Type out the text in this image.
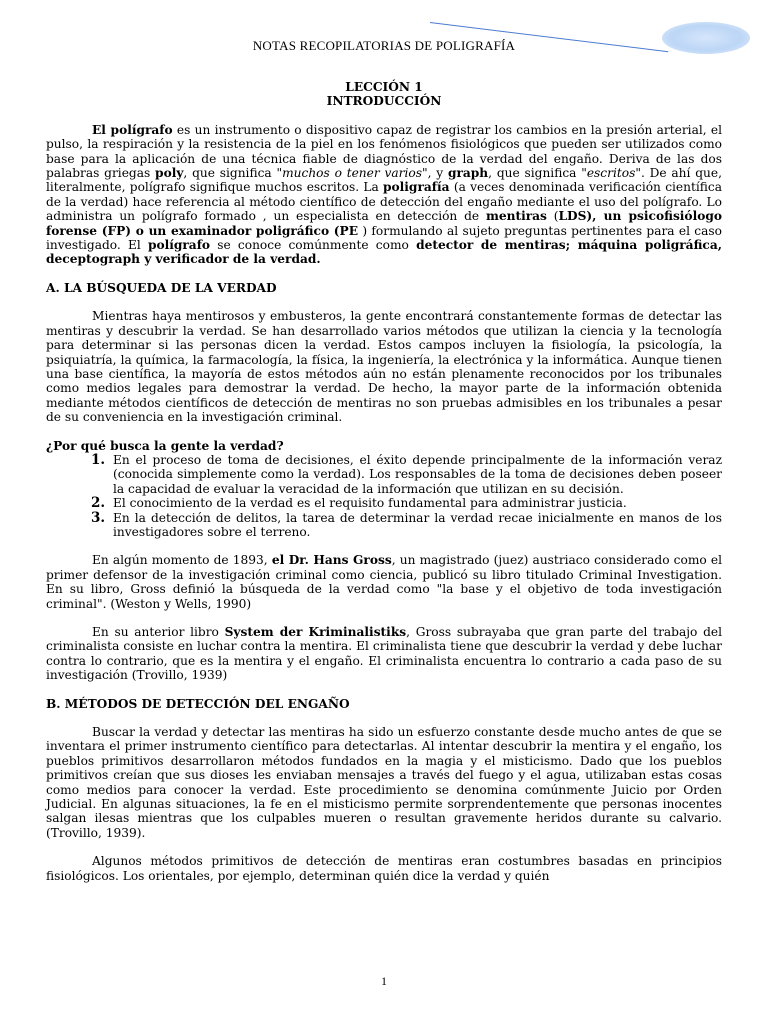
NOTAS RECOPILATORIAS DE POLIGRAFÍA
LECCIÓN 1
INTRODUCCIÓN

El polígrafo es un instrumento o dispositivo capaz de registrar los cambios en la presión arterial, el pulso, la respiración y la resistencia de la piel en los fenómenos fisiológicos que pueden ser utilizados como base para la aplicación de una técnica fiable de diagnóstico de la verdad del engaño. Deriva de las dos palabras griegas poly, que significa "muchos o tener varios", y graph, que significa "escritos". De ahí que, literalmente, polígrafo signifique muchos escritos. La poligrafía (a veces denominada verificación científica de la verdad) hace referencia al método científico de detección del engaño mediante el uso del polígrafo. Lo administra un polígrafo formado , un especialista en detección de mentiras (LDS), un psicofisiólogo forense (FP) o un examinador poligráfico (PE ) formulando al sujeto preguntas pertinentes para el caso investigado. El polígrafo se conoce comúnmente como detector de mentiras; máquina poligráfica, deceptograph y verificador de la verdad.

A. LA BÚSQUEDA DE LA VERDAD

Mientras haya mentirosos y embusteros, la gente encontrará constantemente formas de detectar las mentiras y descubrir la verdad. Se han desarrollado varios métodos que utilizan la ciencia y la tecnología para determinar si las personas dicen la verdad. Estos campos incluyen la fisiología, la psicología, la psiquiatría, la química, la farmacología, la física, la ingeniería, la electrónica y la informática. Aunque tienen una base científica, la mayoría de estos métodos aún no están plenamente reconocidos por los tribunales como medios legales para demostrar la verdad. De hecho, la mayor parte de la información obtenida mediante métodos científicos de detección de mentiras no son pruebas admisibles en los tribunales a pesar de su conveniencia en la investigación criminal.

¿Por qué busca la gente la verdad?
1. En el proceso de toma de decisiones, el éxito depende principalmente de la información veraz (conocida simplemente como la verdad). Los responsables de la toma de decisiones deben poseer la capacidad de evaluar la veracidad de la información que utilizan en su decisión.
2. El conocimiento de la verdad es el requisito fundamental para administrar justicia.
3. En la detección de delitos, la tarea de determinar la verdad recae inicialmente en manos de los investigadores sobre el terreno.

En algún momento de 1893, el Dr. Hans Gross, un magistrado (juez) austriaco considerado como el primer defensor de la investigación criminal como ciencia, publicó su libro titulado Criminal Investigation. En su libro, Gross definió la búsqueda de la verdad como "la base y el objetivo de toda investigación criminal". (Weston y Wells, 1990)

En su anterior libro System der Kriminalistiks, Gross subrayaba que gran parte del trabajo del criminalista consiste en luchar contra la mentira. El criminalista tiene que descubrir la verdad y debe luchar contra lo contrario, que es la mentira y el engaño. El criminalista encuentra lo contrario a cada paso de su investigación (Trovillo, 1939)

B. MÉTODOS DE DETECCIÓN DEL ENGAÑO

Buscar la verdad y detectar las mentiras ha sido un esfuerzo constante desde mucho antes de que se inventara el primer instrumento científico para detectarlas. Al intentar descubrir la mentira y el engaño, los pueblos primitivos desarrollaron métodos fundados en la magia y el misticismo. Dado que los pueblos primitivos creían que sus dioses les enviaban mensajes a través del fuego y el agua, utilizaban estas cosas como medios para conocer la verdad. Este procedimiento se denomina comúnmente Juicio por Orden Judicial. En algunas situaciones, la fe en el misticismo permite sorprendentemente que personas inocentes salgan ilesas mientras que los culpables mueren o resultan gravemente heridos durante su calvario. (Trovillo, 1939).

Algunos métodos primitivos de detección de mentiras eran costumbres basadas en principios fisiológicos. Los orientales, por ejemplo, determinan quién dice la verdad y quién

1
